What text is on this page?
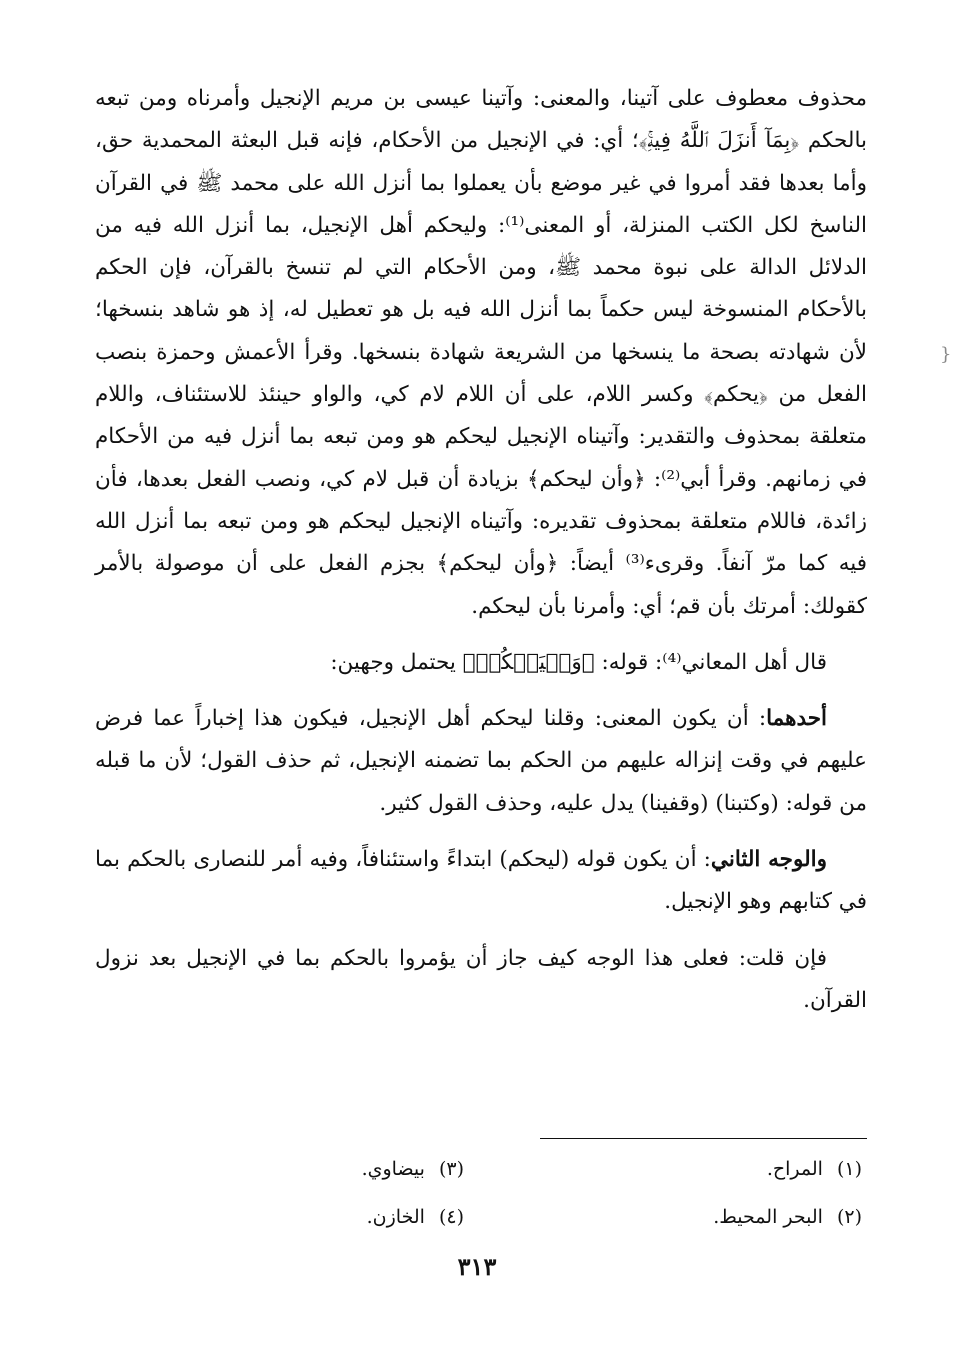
محذوف معطوف على آتينا، والمعنى: وآتينا عيسى بن مريم الإنجيل وأمرناه ومن تبعه بالحكم ﴿بِمَآ أَنزَلَ ٱللَّهُ فِيهِۚ﴾؛ أي: في الإنجيل من الأحكام، فإنه قبل البعثة المحمدية حق، وأما بعدها فقد أمروا في غير موضع بأن يعملوا بما أنزل الله على محمد ﷺ في القرآن الناسخ لكل الكتب المنزلة، أو المعنى⁽¹⁾: وليحكم أهل الإنجيل، بما أنزل الله فيه من الدلائل الدالة على نبوة محمد ﷺ، ومن الأحكام التي لم تنسخ بالقرآن، فإن الحكم بالأحكام المنسوخة ليس حكماً بما أنزل الله فيه بل هو تعطيل له، إذ هو شاهد بنسخها؛ لأن شهادته بصحة ما ينسخها من الشريعة شهادة بنسخها. وقرأ الأعمش وحمزة بنصب الفعل من ﴿يحكم﴾ وكسر اللام، على أن اللام لام كي، والواو حينئذ للاستئناف، واللام متعلقة بمحذوف والتقدير: وآتيناه الإنجيل ليحكم هو ومن تبعه بما أنزل فيه من الأحكام في زمانهم. وقرأ أبي⁽²⁾: ﴿وأن ليحكم﴾ بزيادة أن قبل لام كي، ونصب الفعل بعدها، فأن زائدة، فاللام متعلقة بمحذوف تقديره: وآتيناه الإنجيل ليحكم هو ومن تبعه بما أنزل الله فيه كما مرّ آنفاً. وقرىء⁽³⁾ أيضاً: ﴿وأن ليحكم﴾ بجزم الفعل على أن موصولة بالأمر كقولك: أمرتك بأن قم؛ أي: وأمرنا بأن ليحكم.

قال أهل المعاني⁽⁴⁾: قوله: ﴿وَلۡيَحۡكُمۡ﴾ يحتمل وجهين:

أحدهما: أن يكون المعنى: وقلنا ليحكم أهل الإنجيل، فيكون هذا إخباراً عما فرض عليهم في وقت إنزاله عليهم من الحكم بما تضمنه الإنجيل، ثم حذف القول؛ لأن ما قبله من قوله: (وكتبنا) (وقفينا) يدل عليه، وحذف القول كثير.

والوجه الثاني: أن يكون قوله (ليحكم) ابتداءً واستئنافاً، وفيه أمر للنصارى بالحكم بما في كتابهم وهو الإنجيل.

فإن قلت: فعلى هذا الوجه كيف جاز أن يؤمروا بالحكم بما في الإنجيل بعد نزول القرآن.

}
(١)المراح.
(٢)البحر المحيط.
(٣)بيضاوي.
(٤)الخازن.
٣١٣
